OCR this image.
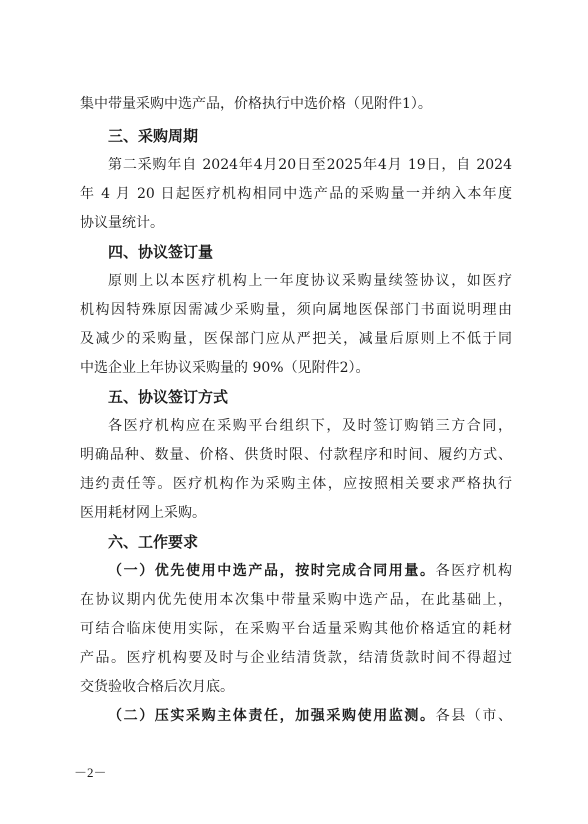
集中带量采购中选产品，价格执行中选价格（见附件1）。
三、采购周期
第二采购年自 2024年4月20日至2025年4月 19日，自 2024
年 4 月 20 日起医疗机构相同中选产品的采购量一并纳入本年度
协议量统计。
四、协议签订量
原则上以本医疗机构上一年度协议采购量续签协议，如医疗
机构因特殊原因需减少采购量，须向属地医保部门书面说明理由
及减少的采购量，医保部门应从严把关，减量后原则上不低于同
中选企业上年协议采购量的 90%（见附件2）。
五、协议签订方式
各医疗机构应在采购平台组织下，及时签订购销三方合同，
明确品种、数量、价格、供货时限、付款程序和时间、履约方式、
违约责任等。医疗机构作为采购主体，应按照相关要求严格执行
医用耗材网上采购。
六、工作要求
（一）优先使用中选产品，按时完成合同用量。各医疗机构
在协议期内优先使用本次集中带量采购中选产品，在此基础上，
可结合临床使用实际，在采购平台适量采购其他价格适宜的耗材
产品。医疗机构要及时与企业结清货款，结清货款时间不得超过
交货验收合格后次月底。
（二）压实采购主体责任，加强采购使用监测。各县（市、
－2－
